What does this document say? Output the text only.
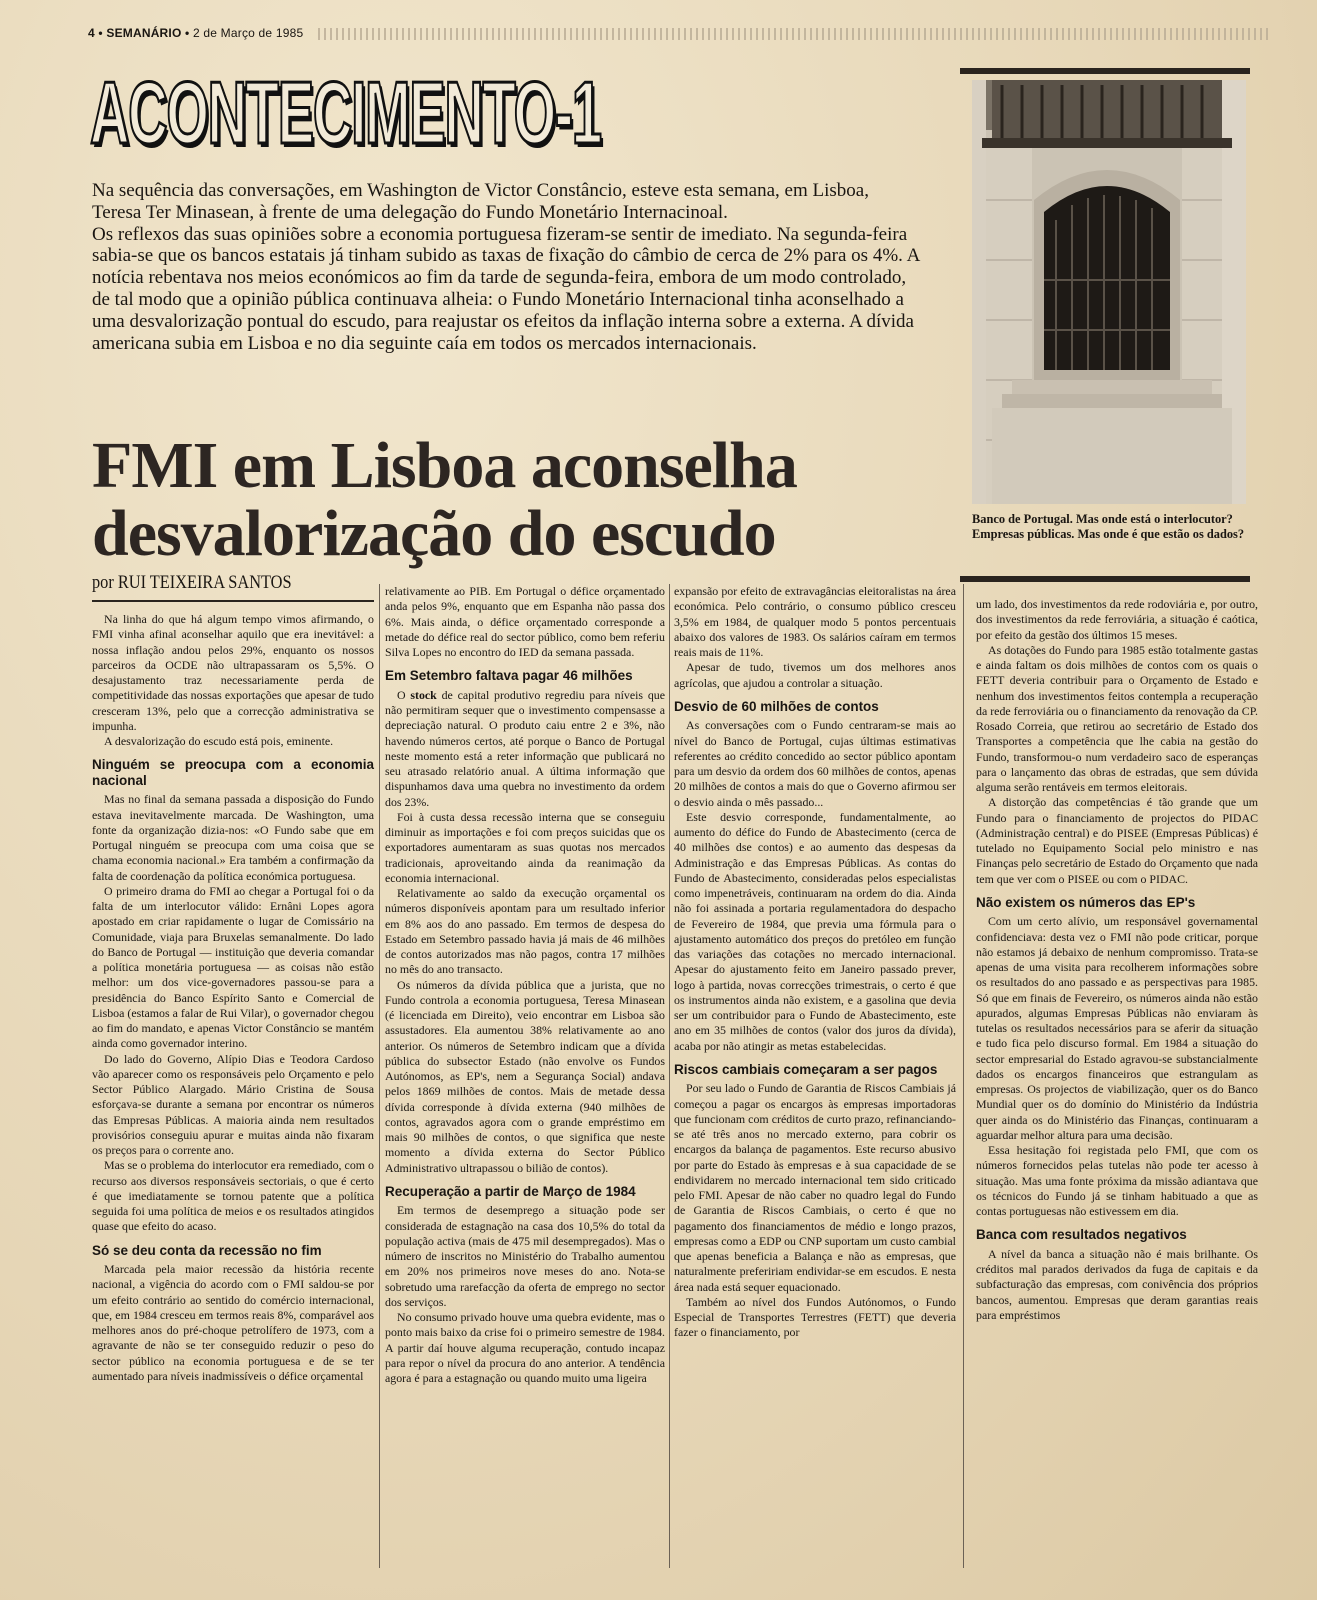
4 • SEMANÁRIO • 2 de Março de 1985
ACONTECIMENTO-1

Na sequência das conversações, em Washington de Victor Constâncio, esteve esta semana, em Lisboa, Teresa Ter Minasean, à frente de uma delegação do Fundo Monetário Internacinoal.

Os reflexos das suas opiniões sobre a economia portuguesa fizeram-se sentir de imediato. Na segunda-feira sabia-se que os bancos estatais já tinham subido as taxas de fixação do câmbio de cerca de 2% para os 4%. A notícia rebentava nos meios económicos ao fim da tarde de segunda-feira, embora de um modo controlado, de tal modo que a opinião pública continuava alheia: o Fundo Monetário Internacional tinha aconselhado a uma desvalorização pontual do escudo, para reajustar os efeitos da inflação interna sobre a externa. A dívida americana subia em Lisboa e no dia seguinte caía em todos os mercados internacionais.

FMI em Lisboa aconselha
desvalorização do escudo	Banco de Portugal. Mas onde está o interlocutor?
Empresas públicas. Mas onde é que estão os dados?
por RUI TEIXEIRA SANTOS

Na linha do que há algum tempo vimos afirmando, o FMI vinha afinal aconselhar aquilo que era inevitável: a nossa inflação andou pelos 29%, enquanto os nossos parceiros da OCDE não ultrapassaram os 5,5%. O desajustamento traz necessariamente perda de competitividade das nossas exportações que apesar de tudo cresceram 13%, pelo que a correcção administrativa se impunha.

A desvalorização do escudo está pois, eminente.

Ninguém se preocupa com a economia nacional

Mas no final da semana passada a disposição do Fundo estava inevitavelmente marcada. De Washington, uma fonte da organização dizia-nos: «O Fundo sabe que em Portugal ninguém se preocupa com uma coisa que se chama economia nacional.» Era também a confirmação da falta de coordenação da política económica portuguesa.

O primeiro drama do FMI ao chegar a Portugal foi o da falta de um interlocutor válido: Ernâni Lopes agora apostado em criar rapidamente o lugar de Comissário na Comunidade, viaja para Bruxelas semanalmente. Do lado do Banco de Portugal — instituição que deveria comandar a política monetária portuguesa — as coisas não estão melhor: um dos vice-governadores passou-se para a presidência do Banco Espírito Santo e Comercial de Lisboa (estamos a falar de Rui Vilar), o governador chegou ao fim do mandato, e apenas Victor Constâncio se mantém ainda como governador interino.

Do lado do Governo, Alípio Dias e Teodora Cardoso vão aparecer como os responsáveis pelo Orçamento e pelo Sector Público Alargado. Mário Cristina de Sousa esforçava-se durante a semana por encontrar os números das Empresas Públicas. A maioria ainda nem resultados provisórios conseguiu apurar e muitas ainda não fixaram os preços para o corrente ano.

Mas se o problema do interlocutor era remediado, com o recurso aos diversos responsáveis sectoriais, o que é certo é que imediatamente se tornou patente que a política seguida foi uma política de meios e os resultados atingidos quase que efeito do acaso.

Só se deu conta da recessão no fim

Marcada pela maior recessão da história recente nacional, a vigência do acordo com o FMI saldou-se por um efeito contrário ao sentido do comércio internacional, que, em 1984 cresceu em termos reais 8%, comparável aos melhores anos do pré-choque petrolífero de 1973, com a agravante de não se ter conseguido reduzir o peso do sector público na economia portuguesa e de se ter aumentado para níveis inadmissíveis o défice orçamental

relativamente ao PIB. Em Portugal o défice orçamentado anda pelos 9%, enquanto que em Espanha não passa dos 6%. Mais ainda, o défice orçamentado corresponde a metade do défice real do sector público, como bem referiu Silva Lopes no encontro do IED da semana passada.

Em Setembro faltava pagar 46 milhões

O stock de capital produtivo regrediu para níveis que não permitiram sequer que o investimento compensasse a depreciação natural. O produto caiu entre 2 e 3%, não havendo números certos, até porque o Banco de Portugal neste momento está a reter informação que publicará no seu atrasado relatório anual. A última informação que dispunhamos dava uma quebra no investimento da ordem dos 23%.

Foi à custa dessa recessão interna que se conseguiu diminuir as importações e foi com preços suicidas que os exportadores aumentaram as suas quotas nos mercados tradicionais, aproveitando ainda da reanimação da economia internacional.

Relativamente ao saldo da execução orçamental os números disponíveis apontam para um resultado inferior em 8% aos do ano passado. Em termos de despesa do Estado em Setembro passado havia já mais de 46 milhões de contos autorizados mas não pagos, contra 17 milhões no mês do ano transacto.

Os números da dívida pública que a jurista, que no Fundo controla a economia portuguesa, Teresa Minasean (é licenciada em Direito), veio encontrar em Lisboa são assustadores. Ela aumentou 38% relativamente ao ano anterior. Os números de Setembro indicam que a dívida pública do subsector Estado (não envolve os Fundos Autónomos, as EP's, nem a Segurança Social) andava pelos 1869 milhões de contos. Mais de metade dessa dívida corresponde à dívida externa (940 milhões de contos, agravados agora com o grande empréstimo em mais 90 milhões de contos, o que significa que neste momento a dívida externa do Sector Público Administrativo ultrapassou o bilião de contos).

Recuperação a partir de Março de 1984

Em termos de desemprego a situação pode ser considerada de estagnação na casa dos 10,5% do total da população activa (mais de 475 mil desempregados). Mas o número de inscritos no Ministério do Trabalho aumentou em 20% nos primeiros nove meses do ano. Nota-se sobretudo uma rarefacção da oferta de emprego no sector dos serviços.

No consumo privado houve uma quebra evidente, mas o ponto mais baixo da crise foi o primeiro semestre de 1984. A partir daí houve alguma recuperação, contudo incapaz para repor o nível da procura do ano anterior. A tendência agora é para a estagnação ou quando muito uma ligeira

expansão por efeito de extravagâncias eleitoralistas na área económica. Pelo contrário, o consumo público cresceu 3,5% em 1984, de qualquer modo 5 pontos percentuais abaixo dos valores de 1983. Os salários caíram em termos reais mais de 11%.

Apesar de tudo, tivemos um dos melhores anos agrícolas, que ajudou a controlar a situação.

Desvio de 60 milhões de contos

As conversações com o Fundo centraram-se mais ao nível do Banco de Portugal, cujas últimas estimativas referentes ao crédito concedido ao sector público apontam para um desvio da ordem dos 60 milhões de contos, apenas 20 milhões de contos a mais do que o Governo afirmou ser o desvio ainda o mês passado...

Este desvio corresponde, fundamentalmente, ao aumento do défice do Fundo de Abastecimento (cerca de 40 milhões dse contos) e ao aumento das despesas da Administração e das Empresas Públicas. As contas do Fundo de Abastecimento, consideradas pelos especialistas como impenetráveis, continuaram na ordem do dia. Ainda não foi assinada a portaria regulamentadora do despacho de Fevereiro de 1984, que previa uma fórmula para o ajustamento automático dos preços do pretóleo em função das variações das cotações no mercado internacional. Apesar do ajustamento feito em Janeiro passado prever, logo à partida, novas correcções trimestrais, o certo é que os instrumentos ainda não existem, e a gasolina que devia ser um contribuidor para o Fundo de Abastecimento, este ano em 35 milhões de contos (valor dos juros da dívida), acaba por não atingir as metas estabelecidas.

Riscos cambiais começaram a ser pagos

Por seu lado o Fundo de Garantia de Riscos Cambiais já começou a pagar os encargos às empresas importadoras que funcionam com créditos de curto prazo, refinanciando-se até três anos no mercado externo, para cobrir os encargos da balança de pagamentos. Este recurso abusivo por parte do Estado às empresas e à sua capacidade de se endividarem no mercado internacional tem sido criticado pelo FMI. Apesar de não caber no quadro legal do Fundo de Garantia de Riscos Cambiais, o certo é que no pagamento dos financiamentos de médio e longo prazos, empresas como a EDP ou CNP suportam um custo cambial que apenas beneficia a Balança e não as empresas, que naturalmente prefeririam endividar-se em escudos. E nesta área nada está sequer equacionado.

Também ao nível dos Fundos Autónomos, o Fundo Especial de Transportes Terrestres (FETT) que deveria fazer o financiamento, por

um lado, dos investimentos da rede rodoviária e, por outro, dos investimentos da rede ferroviária, a situação é caótica, por efeito da gestão dos últimos 15 meses.

As dotações do Fundo para 1985 estão totalmente gastas e ainda faltam os dois milhões de contos com os quais o FETT deveria contribuir para o Orçamento de Estado e nenhum dos investimentos feitos contempla a recuperação da rede ferroviária ou o financiamento da renovação da CP. Rosado Correia, que retirou ao secretário de Estado dos Transportes a competência que lhe cabia na gestão do Fundo, transformou-o num verdadeiro saco de esperanças para o lançamento das obras de estradas, que sem dúvida alguma serão rentáveis em termos eleitorais.

A distorção das competências é tão grande que um Fundo para o financiamento de projectos do PIDAC (Administração central) e do PISEE (Empresas Públicas) é tutelado no Equipamento Social pelo ministro e nas Finanças pelo secretário de Estado do Orçamento que nada tem que ver com o PISEE ou com o PIDAC.

Não existem os números das EP's

Com um certo alívio, um responsável governamental confidenciava: desta vez o FMI não pode criticar, porque não estamos já debaixo de nenhum compromisso. Trata-se apenas de uma visita para recolherem informações sobre os resultados do ano passado e as perspectivas para 1985. Só que em finais de Fevereiro, os números ainda não estão apurados, algumas Empresas Públicas não enviaram às tutelas os resultados necessários para se aferir da situação e tudo fica pelo discurso formal. Em 1984 a situação do sector empresarial do Estado agravou-se substancialmente dados os encargos financeiros que estrangulam as empresas. Os projectos de viabilização, quer os do Banco Mundial quer os do domínio do Ministério da Indústria quer ainda os do Ministério das Finanças, continuaram a aguardar melhor altura para uma decisão.

Essa hesitação foi registada pelo FMI, que com os números fornecidos pelas tutelas não pode ter acesso à situação. Mas uma fonte próxima da missão adiantava que os técnicos do Fundo já se tinham habituado a que as contas portuguesas não estivessem em dia.

Banca com resultados negativos

A nível da banca a situação não é mais brilhante. Os créditos mal parados derivados da fuga de capitais e da subfacturação das empresas, com conivência dos próprios bancos, aumentou. Empresas que deram garantias reais para empréstimos
